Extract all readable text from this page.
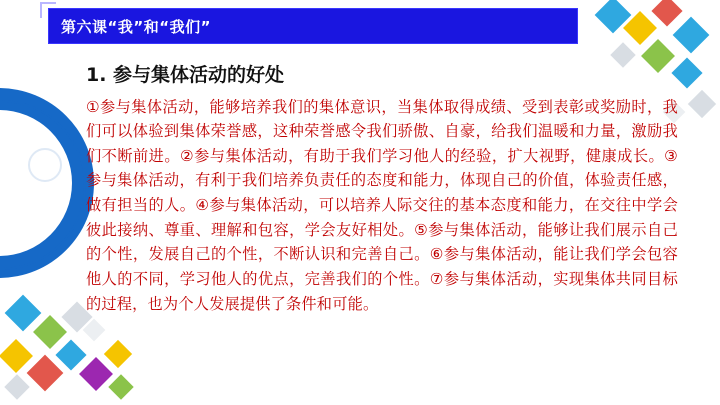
第六课“我”和“我们”
1. 参与集体活动的好处

①参与集体活动，能够培养我们的集体意识，当集体取得成绩、受到表彰或奖励时，我们可以体验到集体荣誉感，这种荣誉感令我们骄傲、自豪，给我们温暖和力量，激励我们不断前进。②参与集体活动，有助于我们学习他人的经验，扩大视野，健康成长。③参与集体活动，有利于我们培养负责任的态度和能力，体现自己的价值，体验责任感，做有担当的人。④参与集体活动，可以培养人际交往的基本态度和能力，在交往中学会彼此接纳、尊重、理解和包容，学会友好相处。⑤参与集体活动，能够让我们展示自己的个性，发展自己的个性，不断认识和完善自己。⑥参与集体活动，能让我们学会包容他人的不同，学习他人的优点，完善我们的个性。⑦参与集体活动，实现集体共同目标的过程，也为个人发展提供了条件和可能。
